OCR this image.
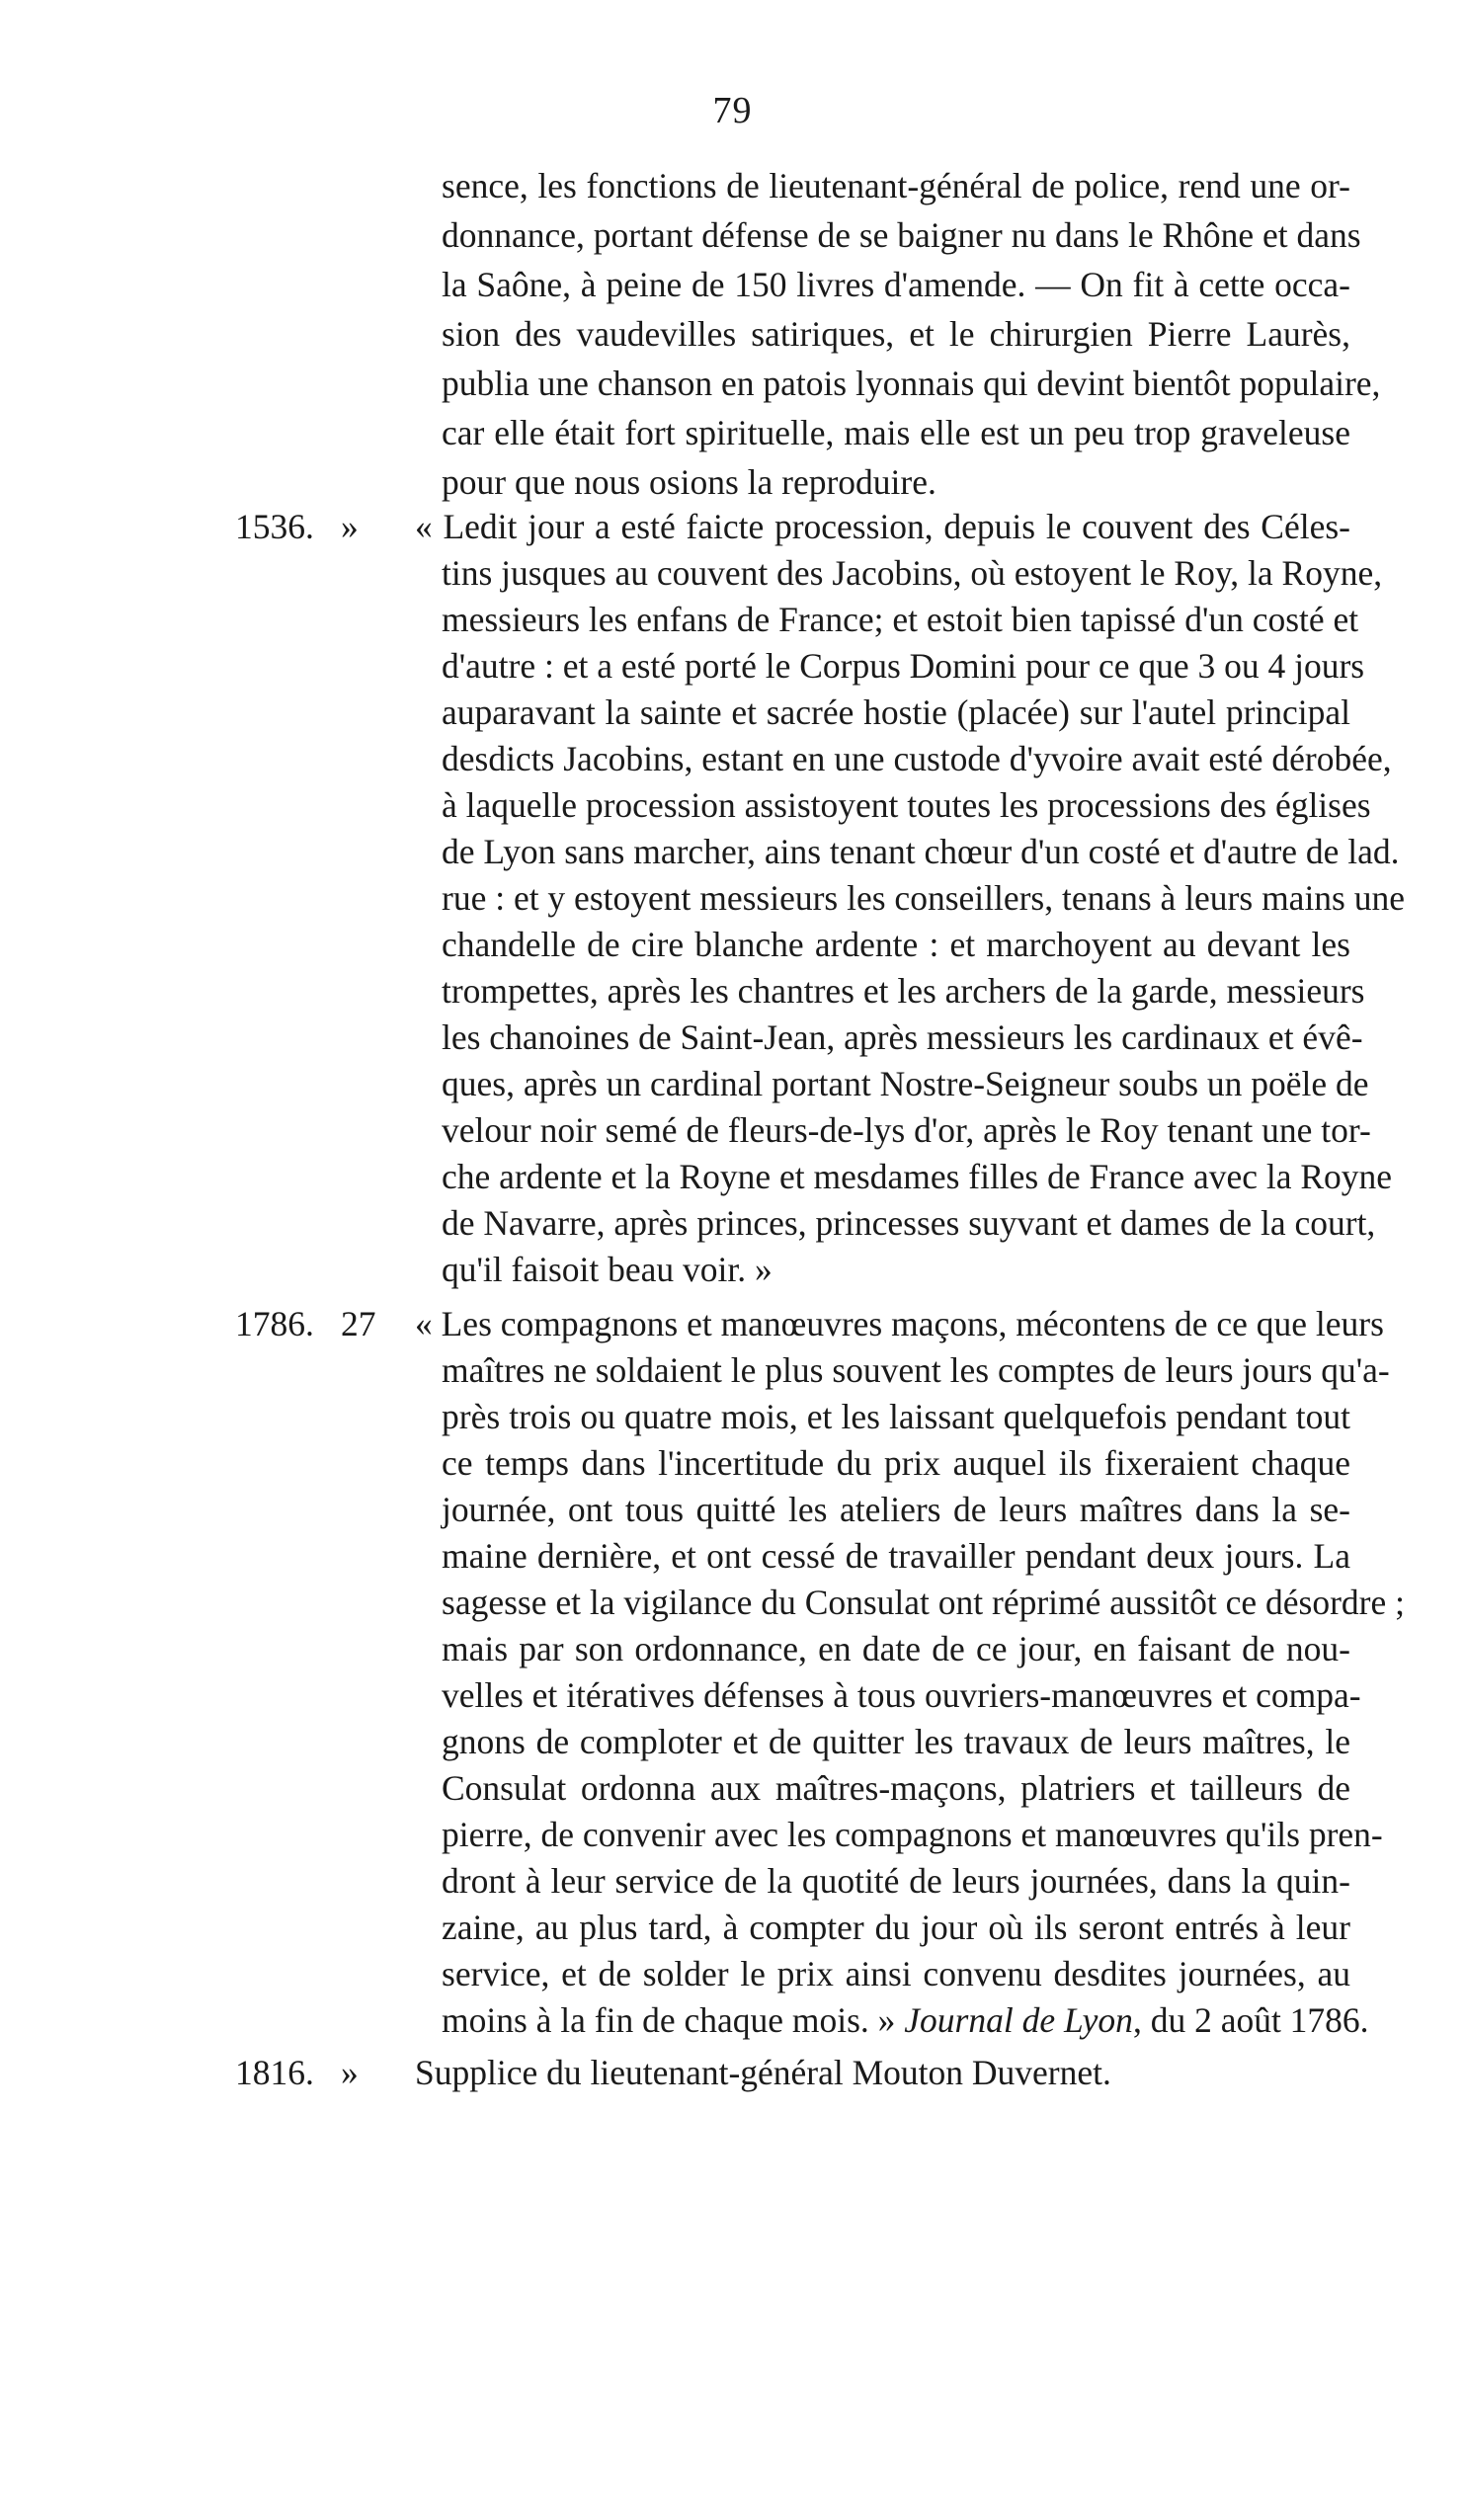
79
sence, les fonctions de lieutenant-général de police, rend une or-
donnance, portant défense de se baigner nu dans le Rhône et dans
la Saône, à peine de 150 livres d'amende. — On fit à cette occa-
sion des vaudevilles satiriques, et le chirurgien Pierre Laurès,
publia une chanson en patois lyonnais qui devint bientôt populaire,
car elle était fort spirituelle, mais elle est un peu trop graveleuse
pour que nous osions la reproduire.
1536. » « Ledit jour a esté faicte procession, depuis le couvent des Céles-
tins jusques au couvent des Jacobins, où estoyent le Roy, la Royne,
messieurs les enfans de France; et estoit bien tapissé d'un costé et
d'autre : et a esté porté le Corpus Domini pour ce que 3 ou 4 jours
auparavant la sainte et sacrée hostie (placée) sur l'autel principal
desdicts Jacobins, estant en une custode d'yvoire avait esté dérobée,
à laquelle procession assistoyent toutes les processions des églises
de Lyon sans marcher, ains tenant chœur d'un costé et d'autre de lad.
rue : et y estoyent messieurs les conseillers, tenans à leurs mains une
chandelle de cire blanche ardente : et marchoyent au devant les
trompettes, après les chantres et les archers de la garde, messieurs
les chanoines de Saint-Jean, après messieurs les cardinaux et évê-
ques, après un cardinal portant Nostre-Seigneur soubs un poële de
velour noir semé de fleurs-de-lys d'or, après le Roy tenant une tor-
che ardente et la Royne et mesdames filles de France avec la Royne
de Navarre, après princes, princesses suyvant et dames de la court,
qu'il faisoit beau voir. »
1786. 27 « Les compagnons et manœuvres maçons, mécontens de ce que leurs
maîtres ne soldaient le plus souvent les comptes de leurs jours qu'a-
près trois ou quatre mois, et les laissant quelquefois pendant tout
ce temps dans l'incertitude du prix auquel ils fixeraient chaque
journée, ont tous quitté les ateliers de leurs maîtres dans la se-
maine dernière, et ont cessé de travailler pendant deux jours. La
sagesse et la vigilance du Consulat ont réprimé aussitôt ce désordre ;
mais par son ordonnance, en date de ce jour, en faisant de nou-
velles et itératives défenses à tous ouvriers-manœuvres et compa-
gnons de comploter et de quitter les travaux de leurs maîtres, le
Consulat ordonna aux maîtres-maçons, platriers et tailleurs de
pierre, de convenir avec les compagnons et manœuvres qu'ils pren-
dront à leur service de la quotité de leurs journées, dans la quin-
zaine, au plus tard, à compter du jour où ils seront entrés à leur
service, et de solder le prix ainsi convenu desdites journées, au
moins à la fin de chaque mois. » Journal de Lyon, du 2 août 1786.
1816. » Supplice du lieutenant-général Mouton Duvernet.
